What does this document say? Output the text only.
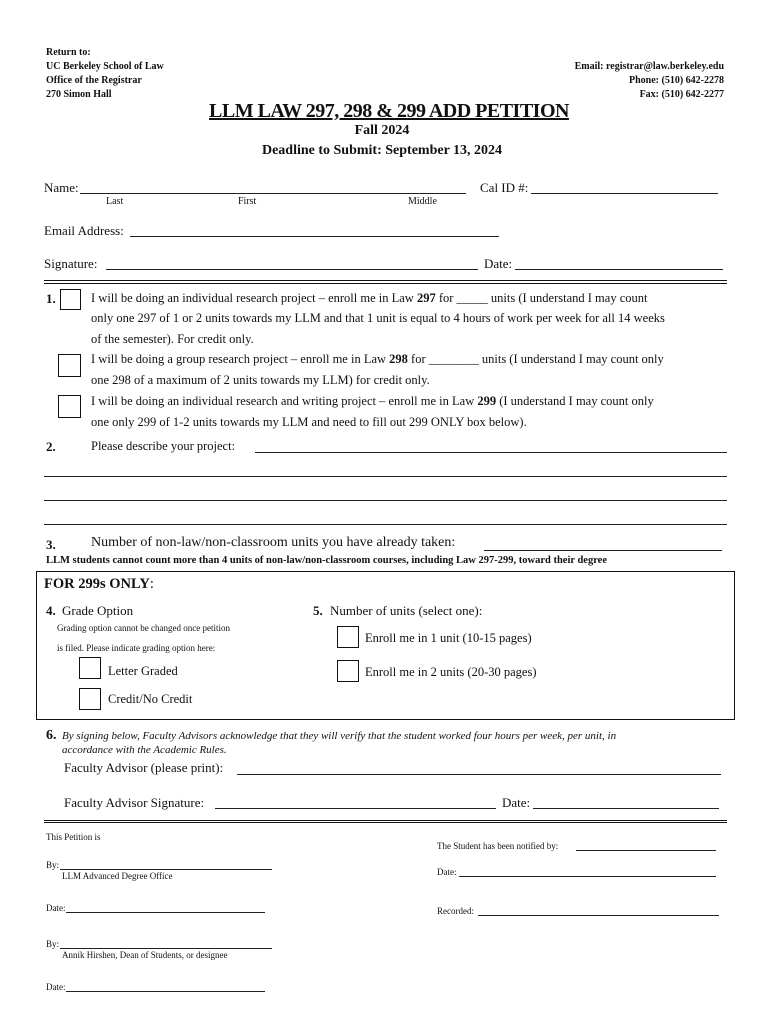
Return to:
UC Berkeley School of Law
Office of the Registrar
270 Simon Hall
Email: registrar@law.berkeley.edu
Phone: (510) 642-2278
Fax: (510) 642-2277
LLM LAW 297, 298 & 299 ADD PETITION
Fall 2024
Deadline to Submit: September 13, 2024
Name:
Last	First	Middle
Cal ID #:
Email Address:
Signature:	Date:
1.	I will be doing an individual research project – enroll me in Law 297 for _____ units (I understand I may count
only one 297 of 1 or 2 units towards my LLM and that 1 unit is equal to 4 hours of work per week for all 14 weeks
of the semester). For credit only.
I will be doing a group research project – enroll me in Law 298 for ________ units (I understand I may count only
one 298 of a maximum of 2 units towards my LLM) for credit only.
I will be doing an individual research and writing project – enroll me in Law 299 (I understand I may count only
one only 299 of 1-2 units towards my LLM and need to fill out 299 ONLY box below).
2.	Please describe your project:
3.	Number of non-law/non-classroom units you have already taken:
LLM students cannot count more than 4 units of non-law/non-classroom courses, including Law 297-299, toward their degree
FOR 299s ONLY:
4. Grade Option
Grading option cannot be changed once petition
is filed. Please indicate grading option here:
Letter Graded
Credit/No Credit
5. Number of units (select one):
Enroll me in 1 unit (10-15 pages)
Enroll me in 2 units (20-30 pages)
6. By signing below, Faculty Advisors acknowledge that they will verify that the student worked four hours per week, per unit, in
accordance with the Academic Rules.
Faculty Advisor (please print):
Faculty Advisor Signature:	Date:
This Petition is
By:
LLM Advanced Degree Office
Date:
By:
Annik Hirshen, Dean of Students, or designee
Date:
The Student has been notified by:
Date:
Recorded:
